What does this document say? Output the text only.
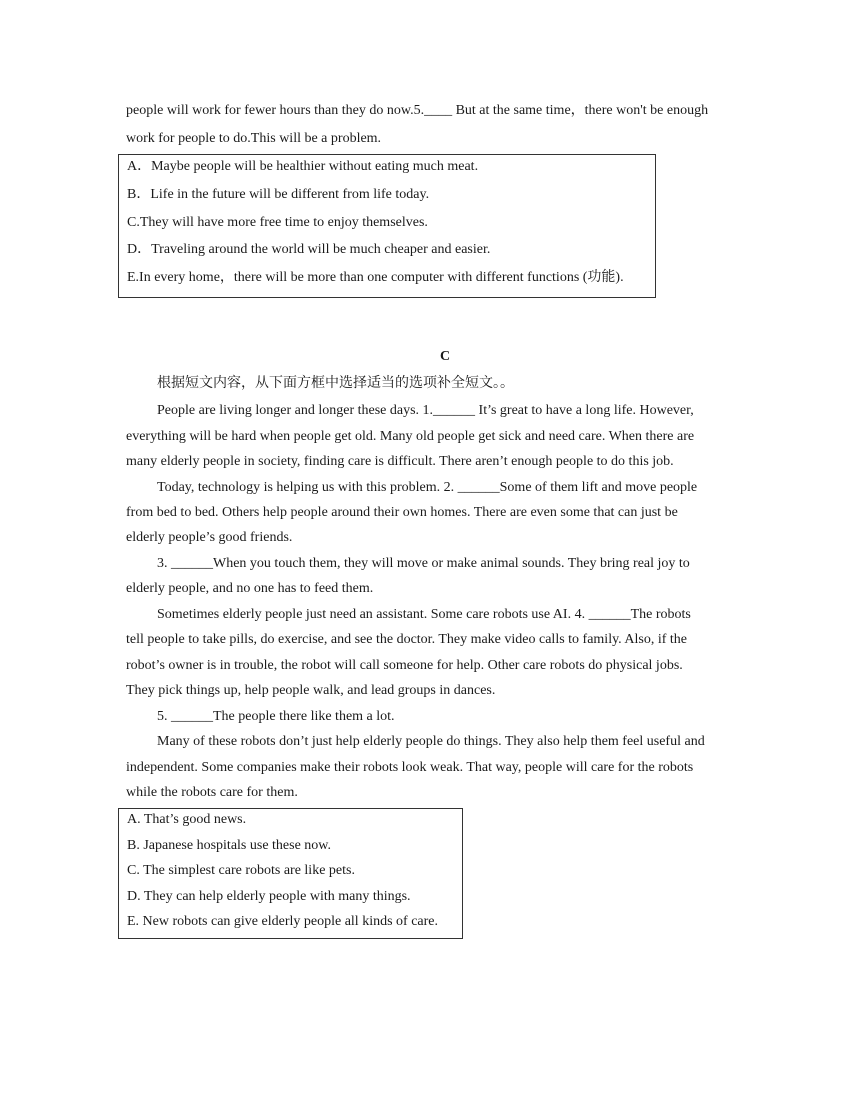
people will work for fewer hours than they do now.5.____ But at the same time，there won't be enough
work for people to do.This will be a problem.
A．Maybe people will be healthier without eating much meat.
B．Life in the future will be different from life today.
C.They will have more free time to enjoy themselves.
D．Traveling around the world will be much cheaper and easier.
E.In every home，there will be more than one computer with different functions (功能).
C
根据短文内容，从下面方框中选择适当的选项补全短文。。
People are living longer and longer these days. 1.______ It’s great to have a long life. However,
everything will be hard when people get old. Many old people get sick and need care. When there are
many elderly people in society, finding care is difficult. There aren’t enough people to do this job.
Today, technology is helping us with this problem. 2. ______Some of them lift and move people
from bed to bed. Others help people around their own homes. There are even some that can just be
elderly people’s good friends.
3. ______When you touch them, they will move or make animal sounds. They bring real joy to
elderly people, and no one has to feed them.
Sometimes elderly people just need an assistant. Some care robots use AI. 4. ______The robots
tell people to take pills, do exercise, and see the doctor. They make video calls to family. Also, if the
robot’s owner is in trouble, the robot will call someone for help. Other care robots do physical jobs.
They pick things up, help people walk, and lead groups in dances.
5. ______The people there like them a lot.
Many of these robots don’t just help elderly people do things. They also help them feel useful and
independent. Some companies make their robots look weak. That way, people will care for the robots
while the robots care for them.
A. That’s good news.
B. Japanese hospitals use these now.
C. The simplest care robots are like pets.
D. They can help elderly people with many things.
E. New robots can give elderly people all kinds of care.
